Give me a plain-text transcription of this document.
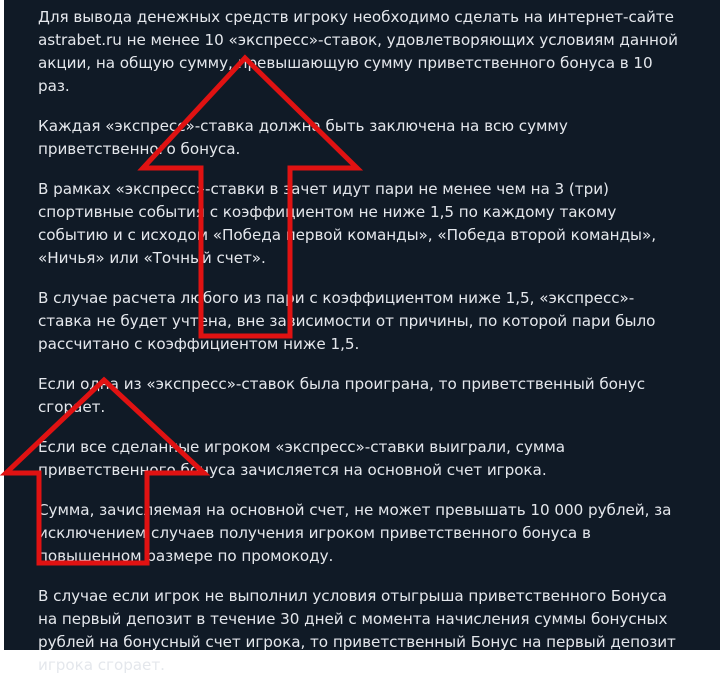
Для вывода денежных средств игроку необходимо сделать на интернет-сайте astrabet.ru не менее 10 «экспресс»-ставок, удовлетворяющих условиям данной акции, на общую сумму, превышающую сумму приветственного бонуса в 10 раз.

Каждая «экспресс»-ставка должна быть заключена на всю сумму приветственного бонуса.

В рамках «экспресс»-ставки в зачет идут пари не менее чем на 3 (три) спортивные события с коэффициентом не ниже 1,5 по каждому такому событию и с исходом «Победа первой команды», «Победа второй команды», «Ничья» или «Точный счет».

В случае расчета любого из пари с коэффициентом ниже 1,5, «экспресс»-ставка не будет учтена, вне зависимости от причины, по которой пари было рассчитано с коэффициентом ниже 1,5.

Если одна из «экспресс»-ставок была проиграна, то приветственный бонус сгорает.

Если все сделанные игроком «экспресс»-ставки выиграли, сумма приветственного бонуса зачисляется на основной счет игрока.

Сумма, зачисляемая на основной счет, не может превышать 10 000 рублей, за исключением случаев получения игроком приветственного бонуса в повышенном размере по промокоду.

В случае если игрок не выполнил условия отыгрыша приветственного Бонуса на первый депозит в течение 30 дней с момента начисления суммы бонусных рублей на бонусный счет игрока, то приветственный Бонус на первый депозит игрока сгорает.
